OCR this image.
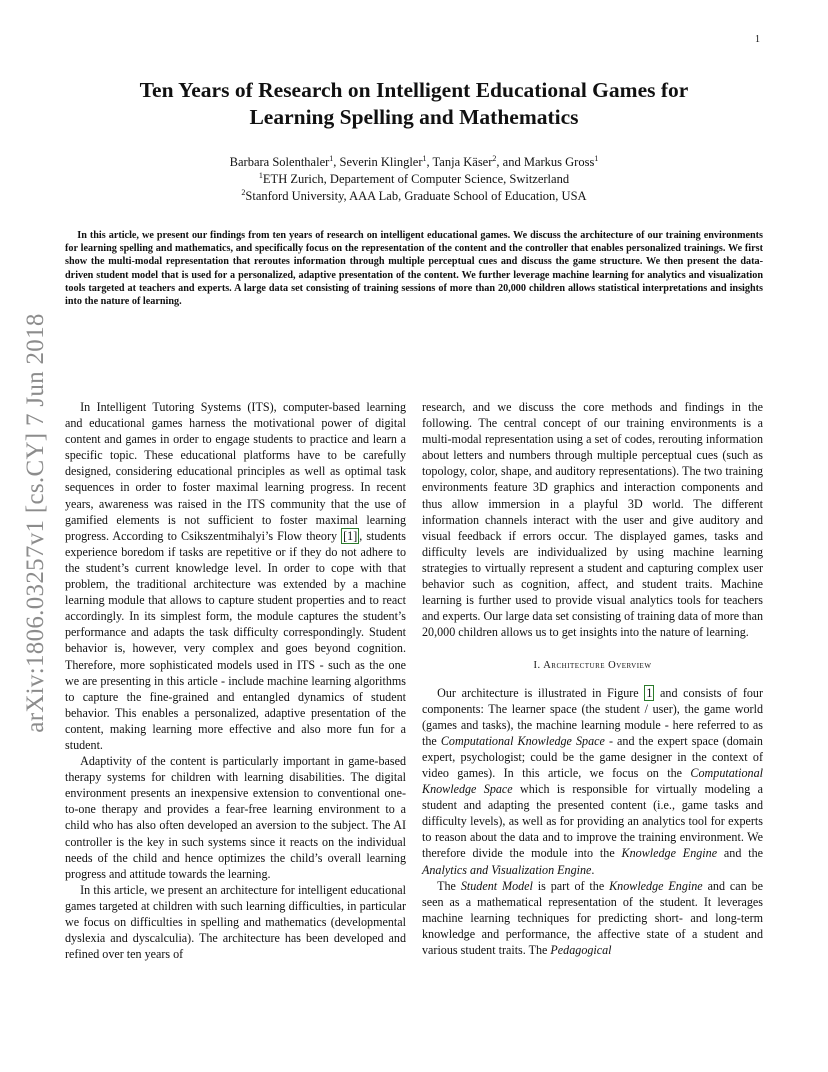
1
arXiv:1806.03257v1 [cs.CY] 7 Jun 2018
Ten Years of Research on Intelligent Educational Games for Learning Spelling and Mathematics

Barbara Solenthaler$^1$, Severin Klingler$^1$, Tanja Käser$^2$, and Markus Gross$^1$

$^1$ETH Zurich, Departement of Computer Science, Switzerland

$^2$Stanford University, AAA Lab, Graduate School of Education, USA

In this article, we present our findings from ten years of research on intelligent educational games. We discuss the architecture of our training environments for learning spelling and mathematics, and specifically focus on the representation of the content and the controller that enables personalized trainings. We first show the multi-modal representation that reroutes information through multiple perceptual cues and discuss the game structure. We then present the data-driven student model that is used for a personalized, adaptive presentation of the content. We further leverage machine learning for analytics and visualization tools targeted at teachers and experts. A large data set consisting of training sessions of more than 20,000 children allows statistical interpretations and insights into the nature of learning.

In Intelligent Tutoring Systems (ITS), computer-based learning and educational games harness the motivational power of digital content and games in order to engage students to practice and learn a specific topic. These educational platforms have to be carefully designed, considering educational principles as well as optimal task sequences in order to foster maximal learning progress. In recent years, awareness was raised in the ITS community that the use of gamified elements is not sufficient to foster maximal learning progress. According to Csikszentmihalyi’s Flow theory [1] , students experience boredom if tasks are repetitive or if they do not adhere to the student’s current knowledge level. In order to cope with that problem, the traditional architecture was extended by a machine learning module that allows to capture student properties and to react accordingly. In its simplest form, the module captures the student’s performance and adapts the task difficulty correspondingly. Student behavior is, however, very complex and goes beyond cognition. Therefore, more sophisticated models used in ITS - such as the one we are presenting in this article - include machine learning algorithms to capture the fine-grained and entangled dynamics of student behavior. This enables a personalized, adaptive presentation of the content, making learning more effective and also more fun for a student.

Adaptivity of the content is particularly important in game-based therapy systems for children with learning disabilities. The digital environment presents an inexpensive extension to conventional one-to-one therapy and provides a fear-free learning environment to a child who has also often developed an aversion to the subject. The AI controller is the key in such systems since it reacts on the individual needs of the child and hence optimizes the child’s overall learning progress and attitude towards the learning.

In this article, we present an architecture for intelligent educational games targeted at children with such learning difficulties, in particular we focus on difficulties in spelling and mathematics (developmental dyslexia and dyscalculia). The architecture has been developed and refined over ten years of

research, and we discuss the core methods and findings in the following. The central concept of our training environments is a multi-modal representation using a set of codes, rerouting information about letters and numbers through multiple perceptual cues (such as topology, color, shape, and auditory representations). The two training environments feature 3D graphics and interaction components and thus allow immersion in a playful 3D world. The different information channels interact with the user and give auditory and visual feedback if errors occur. The displayed games, tasks and difficulty levels are individualized by using machine learning strategies to virtually represent a student and capturing complex user behavior such as cognition, affect, and student traits. Machine learning is further used to provide visual analytics tools for teachers and experts. Our large data set consisting of training data of more than 20,000 children allows us to get insights into the nature of learning.

I. Architecture Overview

Our architecture is illustrated in Figure 1 and consists of four components: The learner space (the student / user), the game world (games and tasks), the machine learning module - here referred to as the Computational Knowledge Space - and the expert space (domain expert, psychologist; could be the game designer in the context of video games). In this article, we focus on the Computational Knowledge Space which is responsible for virtually modeling a student and adapting the presented content (i.e., game tasks and difficulty levels), as well as for providing an analytics tool for experts to reason about the data and to improve the training environment. We therefore divide the module into the Knowledge Engine and the Analytics and Visualization Engine.

The Student Model is part of the Knowledge Engine and can be seen as a mathematical representation of the student. It leverages machine learning techniques for predicting short- and long-term knowledge and performance, the affective state of a student and various student traits. The Pedagogical
